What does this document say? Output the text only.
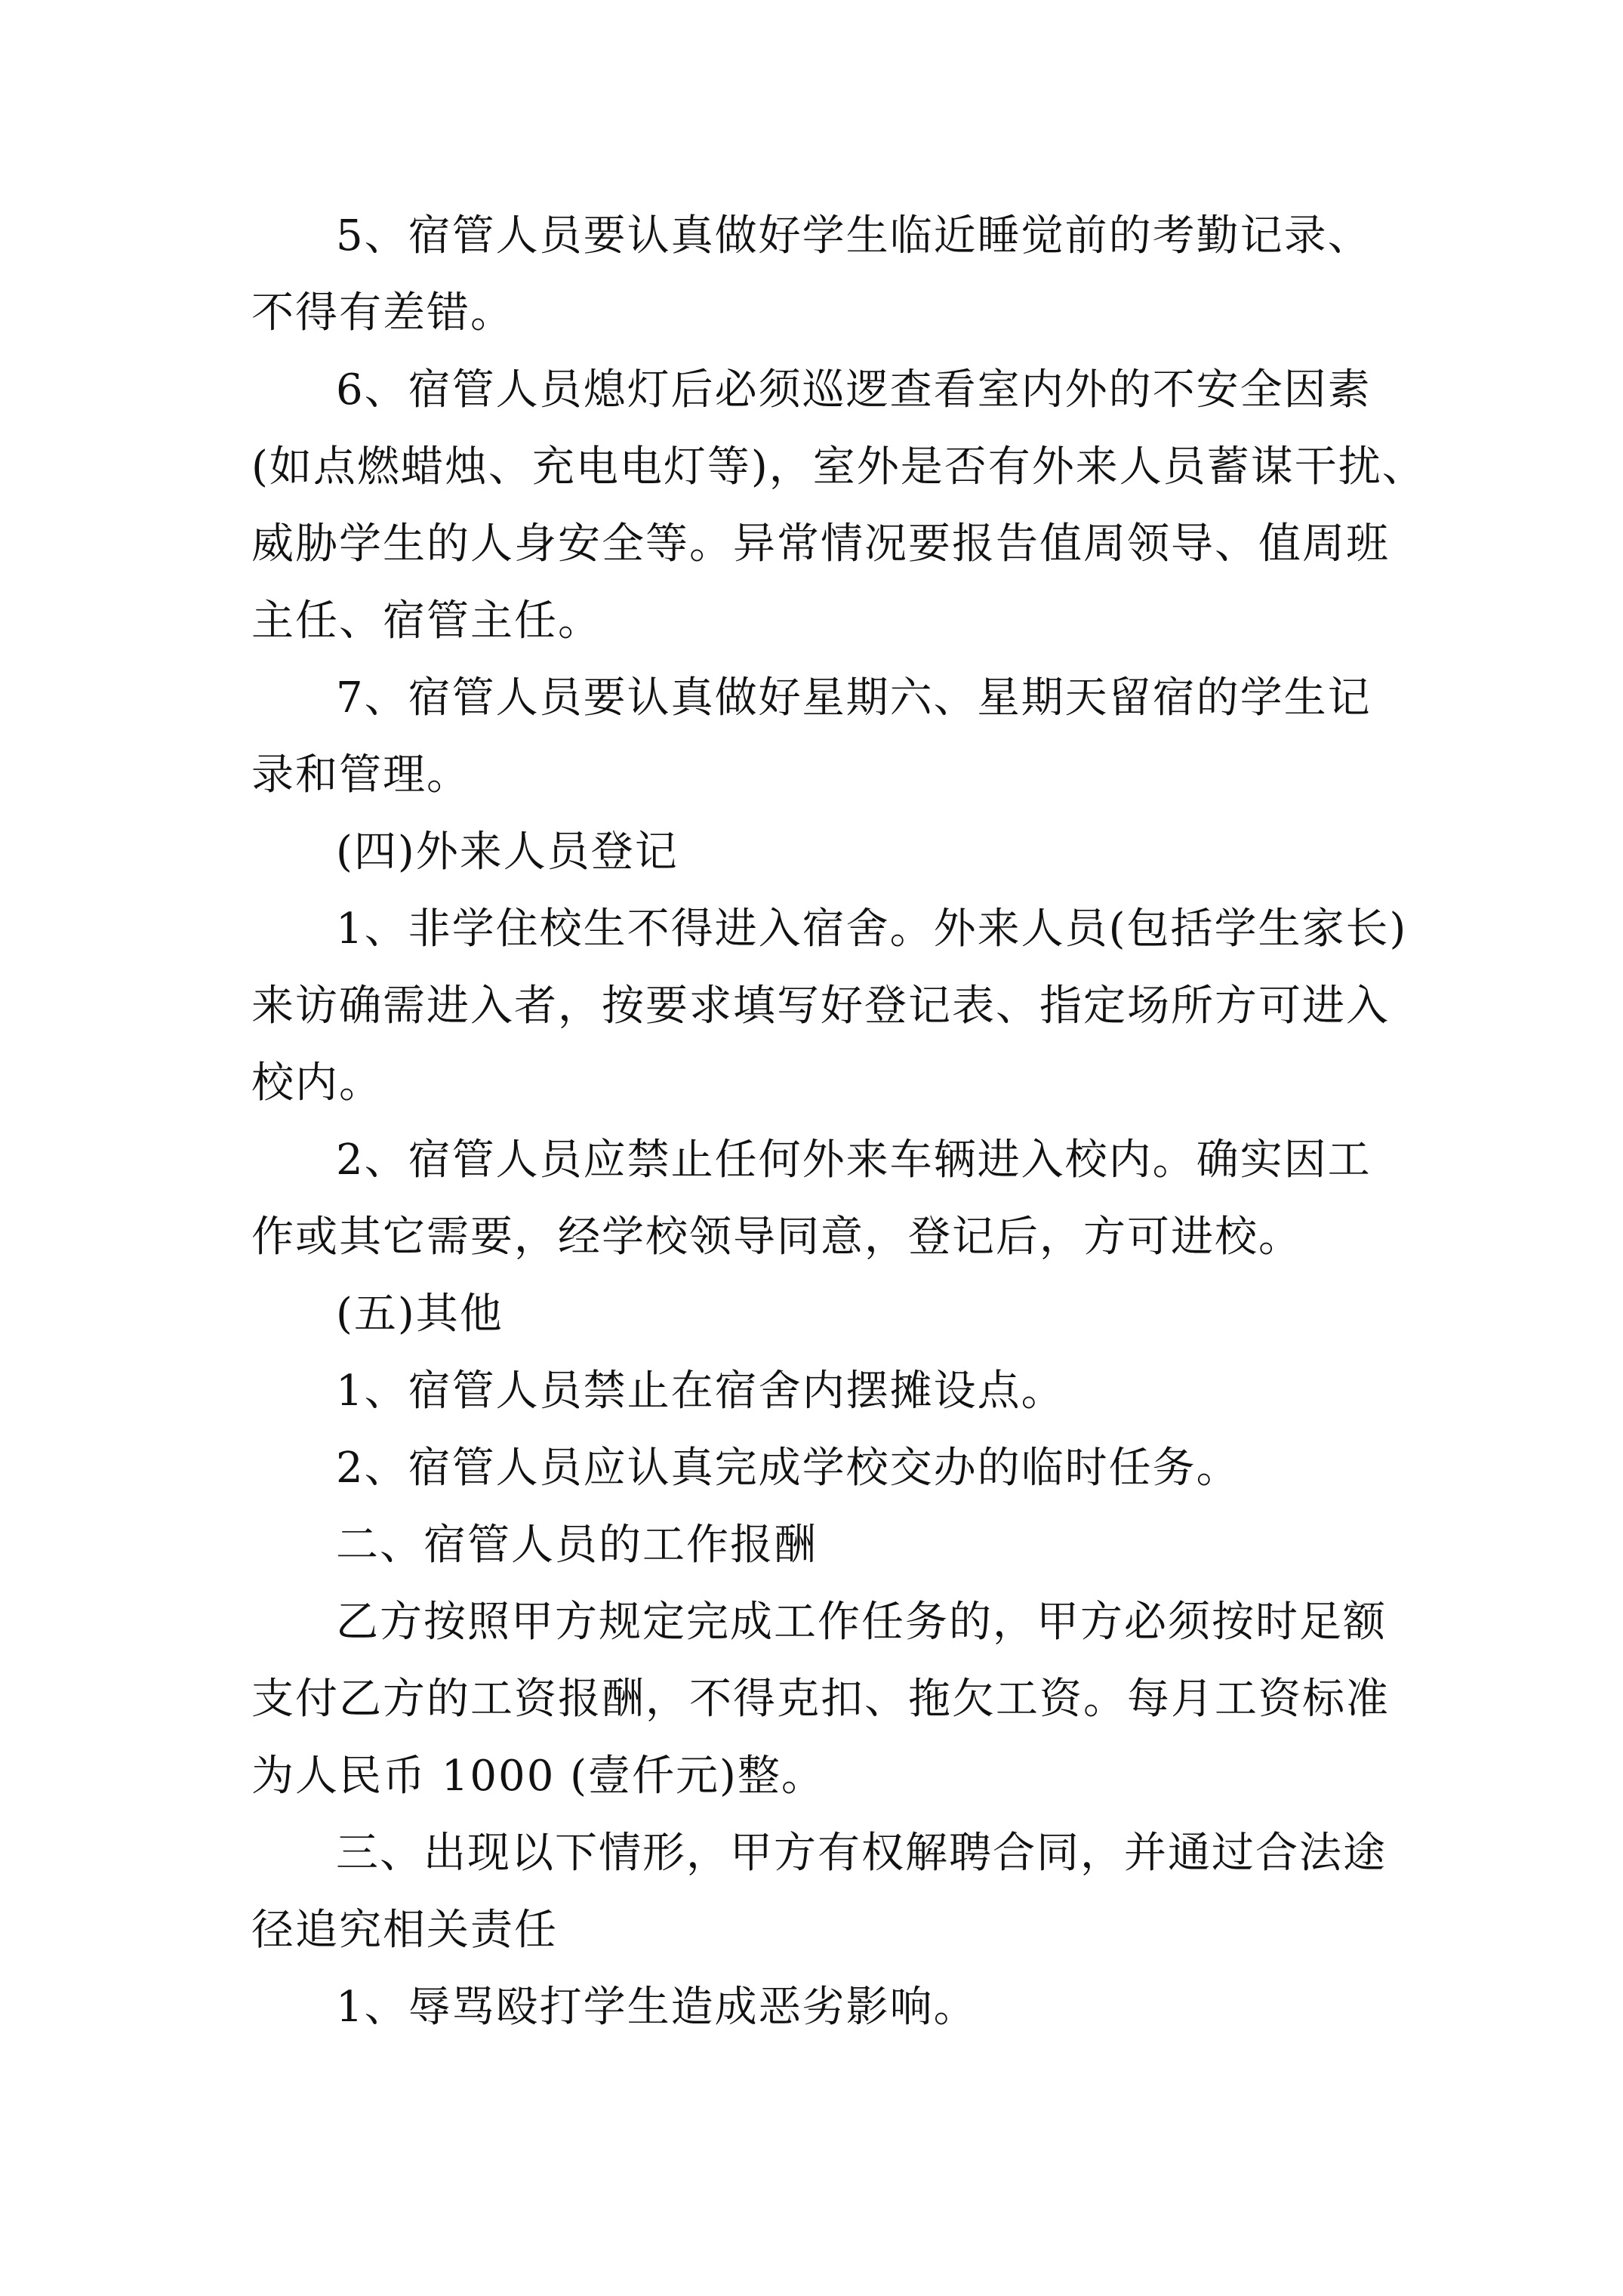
5、宿管人员要认真做好学生临近睡觉前的考勤记录、
不得有差错。
6、宿管人员熄灯后必须巡逻查看室内外的不安全因素
(如点燃蜡烛、充电电灯等)，室外是否有外来人员蓄谋干扰、
威胁学生的人身安全等。异常情况要报告值周领导、值周班
主任、宿管主任。
7、宿管人员要认真做好星期六、星期天留宿的学生记
录和管理。
(四)外来人员登记
1、非学住校生不得进入宿舍。外来人员(包括学生家长)
来访确需进入者，按要求填写好登记表、指定场所方可进入
校内。
2、宿管人员应禁止任何外来车辆进入校内。确实因工
作或其它需要，经学校领导同意，登记后，方可进校。
(五)其他
1、宿管人员禁止在宿舍内摆摊设点。
2、宿管人员应认真完成学校交办的临时任务。
二、宿管人员的工作报酬
乙方按照甲方规定完成工作任务的，甲方必须按时足额
支付乙方的工资报酬，不得克扣、拖欠工资。每月工资标准
为人民币 1000 (壹仟元)整。
三、出现以下情形，甲方有权解聘合同，并通过合法途
径追究相关责任
1、辱骂殴打学生造成恶劣影响。
